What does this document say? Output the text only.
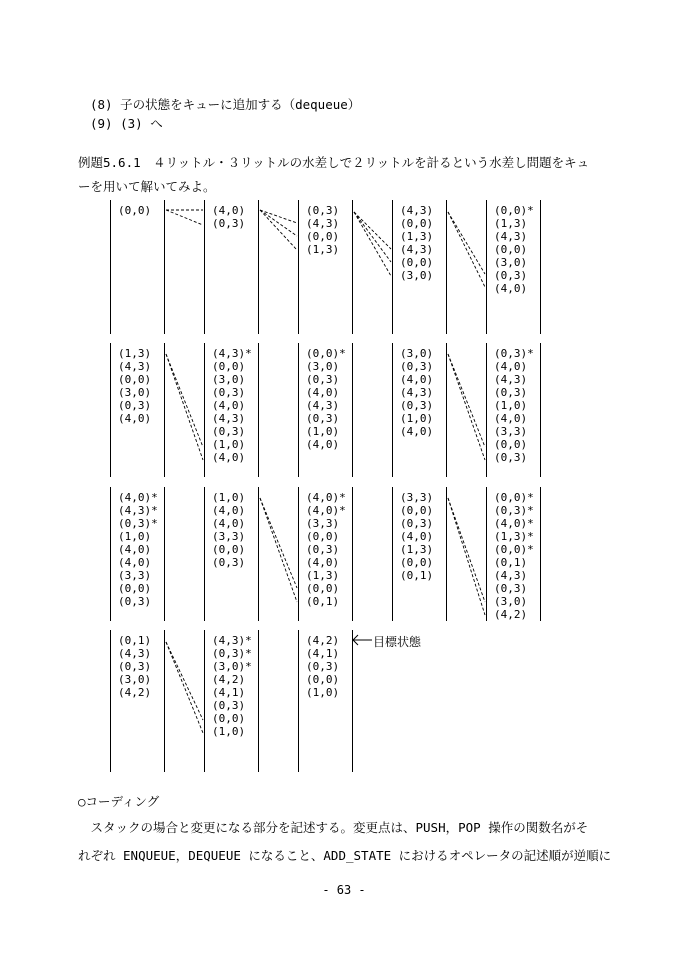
(8) 子の状態をキューに追加する（dequeue）
(9) (3) へ
例題5.6.1　４リットル・３リットルの水差しで２リットルを計るという水差し問題をキュ
ーを用いて解いてみよ。
(0,0)	(4,0)
(0,3)
(0,3)
(4,3)
(0,0)
(1,3)
(4,3)
(0,0)
(1,3)
(4,3)
(0,0)
(3,0)
(0,0)*
(1,3)
(4,3)
(0,0)
(3,0)
(0,3)
(4,0)
(1,3)
(4,3)
(0,0)
(3,0)
(0,3)
(4,0)
(4,3)*
(0,0)
(3,0)
(0,3)
(4,0)
(4,3)
(0,3)
(1,0)
(4,0)
(0,0)*
(3,0)
(0,3)
(4,0)
(4,3)
(0,3)
(1,0)
(4,0)
(3,0)
(0,3)
(4,0)
(4,3)
(0,3)
(1,0)
(4,0)
(0,3)*
(4,0)
(4,3)
(0,3)
(1,0)
(4,0)
(3,3)
(0,0)
(0,3)
(4,0)*
(4,3)*
(0,3)*
(1,0)
(4,0)
(4,0)
(3,3)
(0,0)
(0,3)
(1,0)
(4,0)
(4,0)
(3,3)
(0,0)
(0,3)
(4,0)*
(4,0)*
(3,3)
(0,0)
(0,3)
(4,0)
(1,3)
(0,0)
(0,1)
(3,3)
(0,0)
(0,3)
(4,0)
(1,3)
(0,0)
(0,1)
(0,0)*
(0,3)*
(4,0)*
(1,3)*
(0,0)*
(0,1)
(4,3)
(0,3)
(3,0)
(4,2)
(0,1)
(4,3)
(0,3)
(3,0)
(4,2)
(4,3)*
(0,3)*
(3,0)*
(4,2)
(4,1)
(0,3)
(0,0)
(1,0)
(4,2)
(4,1)
(0,3)
(0,0)
(1,0)
目標状態
○コーディング
　スタックの場合と変更になる部分を記述する。変更点は、PUSH，POP 操作の関数名がそ
れぞれ ENQUEUE，DEQUEUE になること、ADD_STATE におけるオペレータの記述順が逆順に
- 63 -
